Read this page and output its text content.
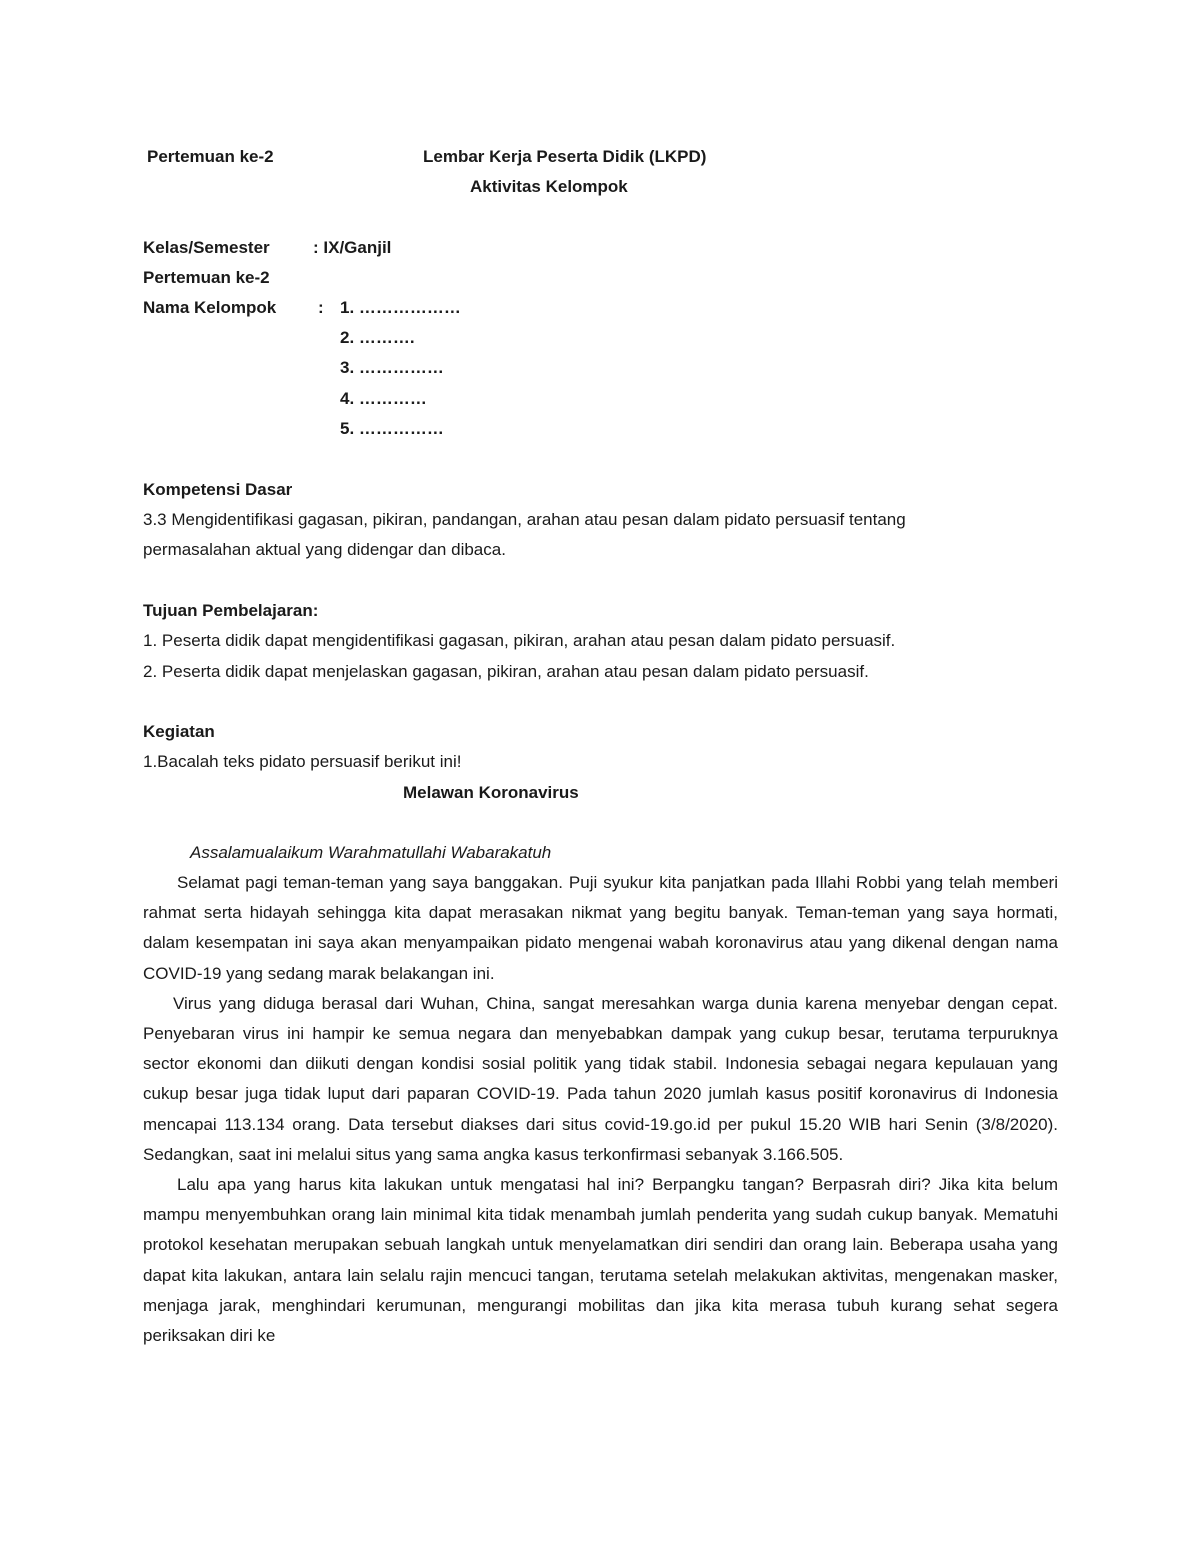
Pertemuan ke-2	Lembar Kerja Peserta Didik (LKPD)
Aktivitas Kelompok
Kelas/Semester	: IX/Ganjil
Pertemuan ke-2
Nama Kelompok : 1. ………………
2. ……….
3. ……………
4. …………
5. ……………
Kompetensi Dasar
3.3 Mengidentifikasi gagasan, pikiran, pandangan, arahan atau pesan dalam pidato persuasif tentang
permasalahan aktual yang didengar dan dibaca.
Tujuan Pembelajaran:
1. Peserta didik dapat mengidentifikasi gagasan, pikiran, arahan atau pesan dalam pidato persuasif.
2. Peserta didik dapat menjelaskan gagasan, pikiran, arahan atau pesan dalam pidato persuasif.
Kegiatan
1.Bacalah teks pidato persuasif berikut ini!
Melawan Koronavirus
Assalamualaikum Warahmatullahi Wabarakatuh

Selamat pagi teman-teman yang saya banggakan. Puji syukur kita panjatkan pada Illahi Robbi yang telah memberi rahmat serta hidayah sehingga kita dapat merasakan nikmat yang begitu banyak. Teman-teman yang saya hormati, dalam kesempatan ini saya akan menyampaikan pidato mengenai wabah koronavirus atau yang dikenal dengan nama COVID-19 yang sedang marak belakangan ini.

Virus yang diduga berasal dari Wuhan, China, sangat meresahkan warga dunia karena menyebar dengan cepat. Penyebaran virus ini hampir ke semua negara dan menyebabkan dampak yang cukup besar, terutama terpuruknya sector ekonomi dan diikuti dengan kondisi sosial politik yang tidak stabil. Indonesia sebagai negara kepulauan yang cukup besar juga tidak luput dari paparan COVID-19. Pada tahun 2020 jumlah kasus positif koronavirus di Indonesia mencapai 113.134 orang. Data tersebut diakses dari situs covid-19.go.id per pukul 15.20 WIB hari Senin (3/8/2020). Sedangkan, saat ini melalui situs yang sama angka kasus terkonfirmasi sebanyak 3.166.505.

Lalu apa yang harus kita lakukan untuk mengatasi hal ini? Berpangku tangan? Berpasrah diri? Jika kita belum mampu menyembuhkan orang lain minimal kita tidak menambah jumlah penderita yang sudah cukup banyak. Mematuhi protokol kesehatan merupakan sebuah langkah untuk menyelamatkan diri sendiri dan orang lain. Beberapa usaha yang dapat kita lakukan, antara lain selalu rajin mencuci tangan, terutama setelah melakukan aktivitas, mengenakan masker, menjaga jarak, menghindari kerumunan, mengurangi mobilitas dan jika kita merasa tubuh kurang sehat segera periksakan diri ke
